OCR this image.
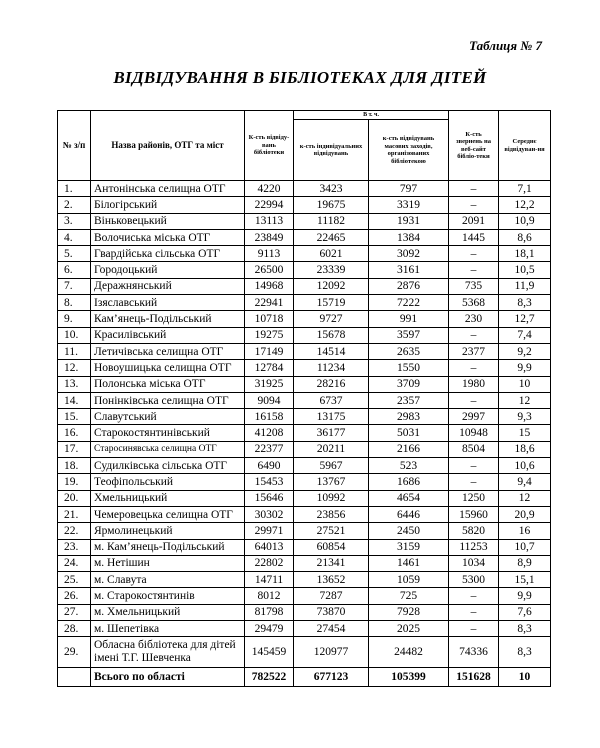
Таблиця № 7
ВІДВІДУВАННЯ В БІБЛІОТЕКАХ ДЛЯ ДІТЕЙ
№ з/п	Назва районів, ОТГ та міст	К-сть відвіду-вань бібліотеки	В т. ч.		К-сть звернень на веб-сайт бібліо-теки	Середнє відвідуван-ня
			к-сть індивідуальних відвідувань	к-сть відвідувань масових заходів, організованих бібліотекою		
1.	Антонінська селищна ОТГ	4220	3423	797	–	7,1
2.	Білогірський	22994	19675	3319	–	12,2
3.	Віньковецький	13113	11182	1931	2091	10,9
4.	Волочиська міська ОТГ	23849	22465	1384	1445	8,6
5.	Гвардійська сільська ОТГ	9113	6021	3092	–	18,1
6.	Городоцький	26500	23339	3161	–	10,5
7.	Деражнянський	14968	12092	2876	735	11,9
8.	Ізяславський	22941	15719	7222	5368	8,3
9.	Кам’янець-Подільський	10718	9727	991	230	12,7
10.	Красилівський	19275	15678	3597	–	7,4
11.	Летичівська селищна ОТГ	17149	14514	2635	2377	9,2
12.	Новоушицька селищна ОТГ	12784	11234	1550	–	9,9
13.	Полонська міська ОТГ	31925	28216	3709	1980	10
14.	Понінківська селищна ОТГ	9094	6737	2357	–	12
15.	Славутський	16158	13175	2983	2997	9,3
16.	Старокостянтинівський	41208	36177	5031	10948	15
17.	Старосинявська селищна ОТГ	22377	20211	2166	8504	18,6
18.	Судилківська сільська ОТГ	6490	5967	523	–	10,6
19.	Теофіпольський	15453	13767	1686	–	9,4
20.	Хмельницький	15646	10992	4654	1250	12
21.	Чемеровецька селищна ОТГ	30302	23856	6446	15960	20,9
22.	Ярмолинецький	29971	27521	2450	5820	16
23.	м. Кам’янець-Подільський	64013	60854	3159	11253	10,7
24.	м. Нетішин	22802	21341	1461	1034	8,9
25.	м. Славута	14711	13652	1059	5300	15,1
26.	м. Старокостянтинів	8012	7287	725	–	9,9
27.	м. Хмельницький	81798	73870	7928	–	7,6
28.	м. Шепетівка	29479	27454	2025	–	8,3
29.	Обласна бібліотека для дітей імені Т.Г. Шевченка	145459	120977	24482	74336	8,3
	Всього по області	782522	677123	105399	151628	10
